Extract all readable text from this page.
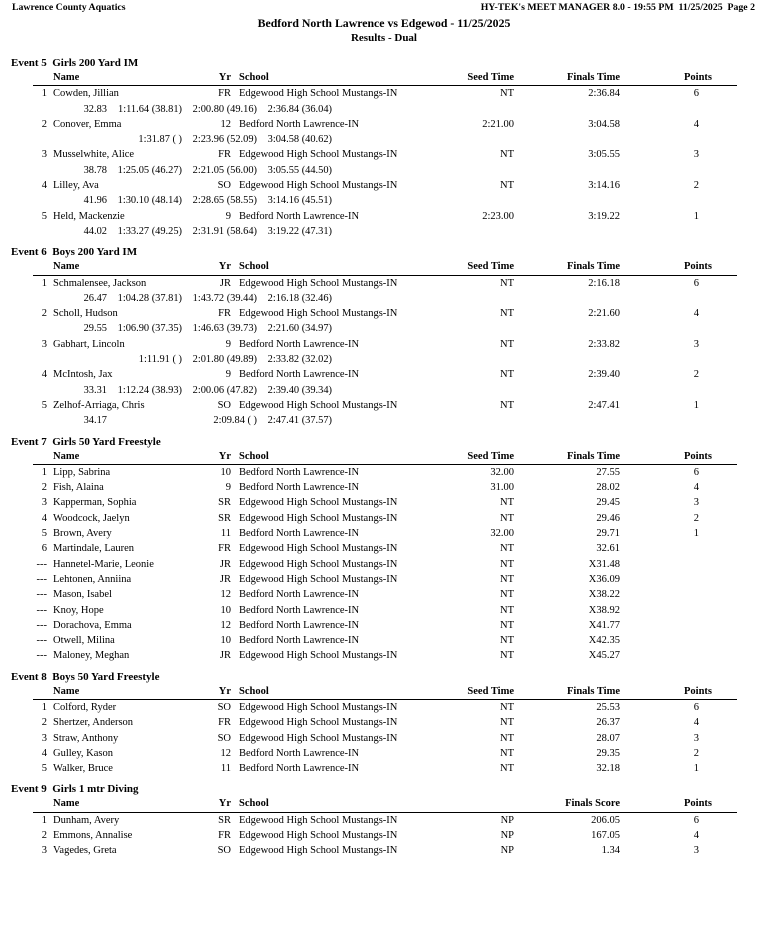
Lawrence County Aquatics	HY-TEK's MEET MANAGER 8.0 - 19:55 PM  11/25/2025  Page 2
Bedford North Lawrence vs Edgewod - 11/25/2025
Results - Dual
Event 5  Girls 200 Yard IM
Name	Yr School	Seed Time	Finals Time	Points
1 Cowden, Jillian	FR Edgewood High School Mustangs-IN	NT	2:36.84	6
32.83	1:11.64 (38.81)	2:00.80 (49.16)	2:36.84 (36.04)
2 Conover, Emma	12 Bedford North Lawrence-IN	2:21.00	3:04.58	4
1:31.87 ( )	2:23.96 (52.09)	3:04.58 (40.62)
3 Musselwhite, Alice	FR Edgewood High School Mustangs-IN	NT	3:05.55	3
38.78	1:25.05 (46.27)	2:21.05 (56.00)	3:05.55 (44.50)
4 Lilley, Ava	SO Edgewood High School Mustangs-IN	NT	3:14.16	2
41.96	1:30.10 (48.14)	2:28.65 (58.55)	3:14.16 (45.51)
5 Held, Mackenzie	9 Bedford North Lawrence-IN	2:23.00	3:19.22	1
44.02	1:33.27 (49.25)	2:31.91 (58.64)	3:19.22 (47.31)
Event 6  Boys 200 Yard IM
Name	Yr School	Seed Time	Finals Time	Points
1 Schmalensee, Jackson	JR Edgewood High School Mustangs-IN	NT	2:16.18	6
26.47	1:04.28 (37.81)	1:43.72 (39.44)	2:16.18 (32.46)
2 Scholl, Hudson	FR Edgewood High School Mustangs-IN	NT	2:21.60	4
29.55	1:06.90 (37.35)	1:46.63 (39.73)	2:21.60 (34.97)
3 Gabhart, Lincoln	9 Bedford North Lawrence-IN	NT	2:33.82	3
1:11.91 ( )	2:01.80 (49.89)	2:33.82 (32.02)
4 McIntosh, Jax	9 Bedford North Lawrence-IN	NT	2:39.40	2
33.31	1:12.24 (38.93)	2:00.06 (47.82)	2:39.40 (39.34)
5 Zelhof-Arriaga, Chris	SO Edgewood High School Mustangs-IN	NT	2:47.41	1
34.17	2:09.84 ( )	2:47.41 (37.57)
Event 7  Girls 50 Yard Freestyle
Name	Yr School	Seed Time	Finals Time	Points
1 Lipp, Sabrina	10 Bedford North Lawrence-IN	32.00	27.55	6
2 Fish, Alaina	9 Bedford North Lawrence-IN	31.00	28.02	4
3 Kapperman, Sophia	SR Edgewood High School Mustangs-IN	NT	29.45	3
4 Woodcock, Jaelyn	SR Edgewood High School Mustangs-IN	NT	29.46	2
5 Brown, Avery	11 Bedford North Lawrence-IN	32.00	29.71	1
6 Martindale, Lauren	FR Edgewood High School Mustangs-IN	NT	32.61
--- Hannetel-Marie, Leonie	JR Edgewood High School Mustangs-IN	NT	X31.48
--- Lehtonen, Anniina	JR Edgewood High School Mustangs-IN	NT	X36.09
--- Mason, Isabel	12 Bedford North Lawrence-IN	NT	X38.22
--- Knoy, Hope	10 Bedford North Lawrence-IN	NT	X38.92
--- Dorachova, Emma	12 Bedford North Lawrence-IN	NT	X41.77
--- Otwell, Milina	10 Bedford North Lawrence-IN	NT	X42.35
--- Maloney, Meghan	JR Edgewood High School Mustangs-IN	NT	X45.27
Event 8  Boys 50 Yard Freestyle
Name	Yr School	Seed Time	Finals Time	Points
1 Colford, Ryder	SO Edgewood High School Mustangs-IN	NT	25.53	6
2 Shertzer, Anderson	FR Edgewood High School Mustangs-IN	NT	26.37	4
3 Straw, Anthony	SO Edgewood High School Mustangs-IN	NT	28.07	3
4 Gulley, Kason	12 Bedford North Lawrence-IN	NT	29.35	2
5 Walker, Bruce	11 Bedford North Lawrence-IN	NT	32.18	1
Event 9  Girls 1 mtr Diving
Name	Yr School	Finals Score	Points
1 Dunham, Avery	SR Edgewood High School Mustangs-IN	NP	206.05	6
2 Emmons, Annalise	FR Edgewood High School Mustangs-IN	NP	167.05	4
3 Vagedes, Greta	SO Edgewood High School Mustangs-IN	NP	1.34	3
